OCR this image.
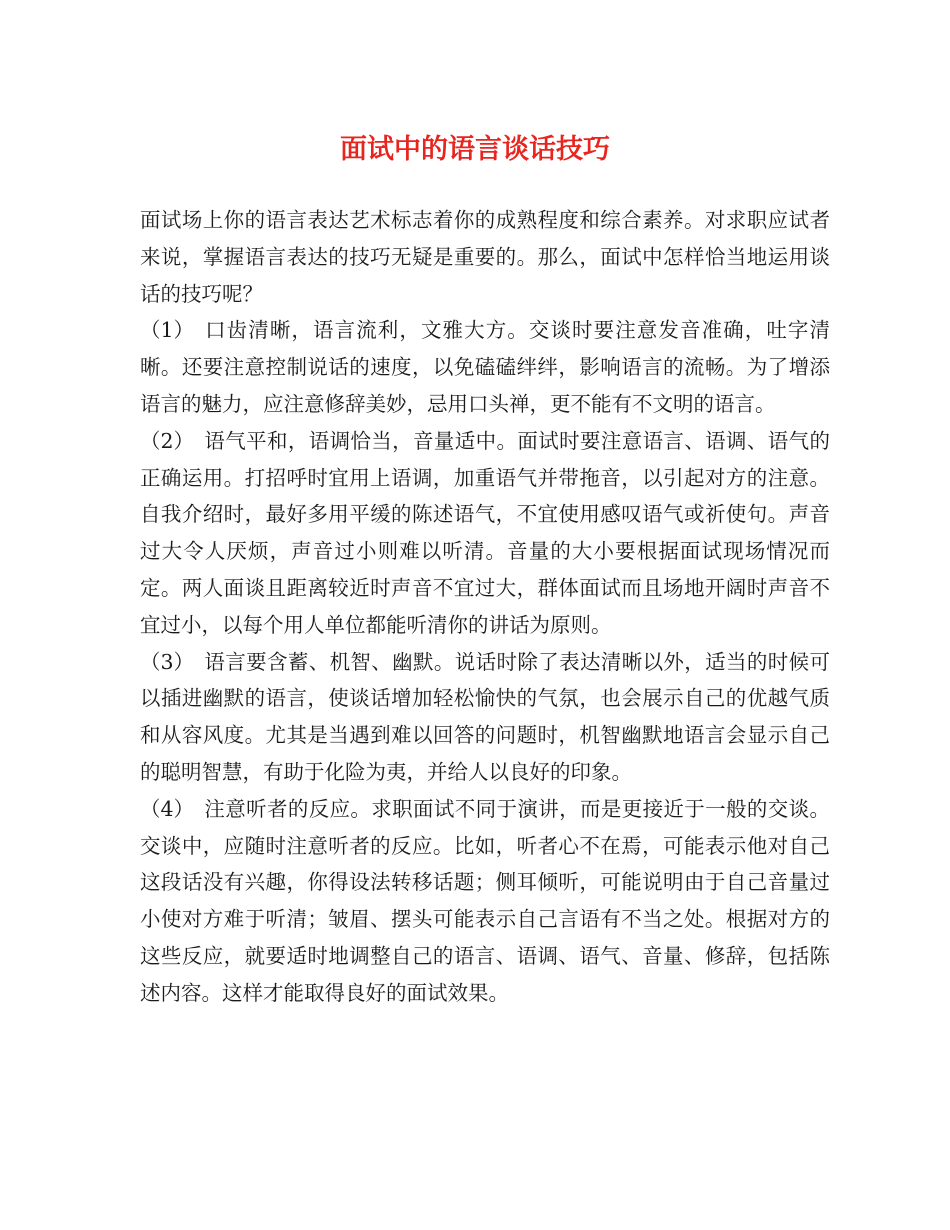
面试中的语言谈话技巧

面试场上你的语言表达艺术标志着你的成熟程度和综合素养。对求职应试者来说，掌握语言表达的技巧无疑是重要的。那么，面试中怎样恰当地运用谈话的技巧呢？

（1） 口齿清晰，语言流利，文雅大方。交谈时要注意发音准确，吐字清晰。还要注意控制说话的速度，以免磕磕绊绊，影响语言的流畅。为了增添语言的魅力，应注意修辞美妙，忌用口头禅，更不能有不文明的语言。

（2） 语气平和，语调恰当，音量适中。面试时要注意语言、语调、语气的正确运用。打招呼时宜用上语调，加重语气并带拖音，以引起对方的注意。自我介绍时，最好多用平缓的陈述语气，不宜使用感叹语气或祈使句。声音过大令人厌烦，声音过小则难以听清。音量的大小要根据面试现场情况而定。两人面谈且距离较近时声音不宜过大，群体面试而且场地开阔时声音不宜过小，以每个用人单位都能听清你的讲话为原则。

（3） 语言要含蓄、机智、幽默。说话时除了表达清晰以外，适当的时候可以插进幽默的语言，使谈话增加轻松愉快的气氛，也会展示自己的优越气质和从容风度。尤其是当遇到难以回答的问题时，机智幽默地语言会显示自己的聪明智慧，有助于化险为夷，并给人以良好的印象。

（4） 注意听者的反应。求职面试不同于演讲，而是更接近于一般的交谈。交谈中，应随时注意听者的反应。比如，听者心不在焉，可能表示他对自己这段话没有兴趣，你得设法转移话题；侧耳倾听，可能说明由于自己音量过小使对方难于听清；皱眉、摆头可能表示自己言语有不当之处。根据对方的这些反应，就要适时地调整自己的语言、语调、语气、音量、修辞，包括陈述内容。这样才能取得良好的面试效果。
